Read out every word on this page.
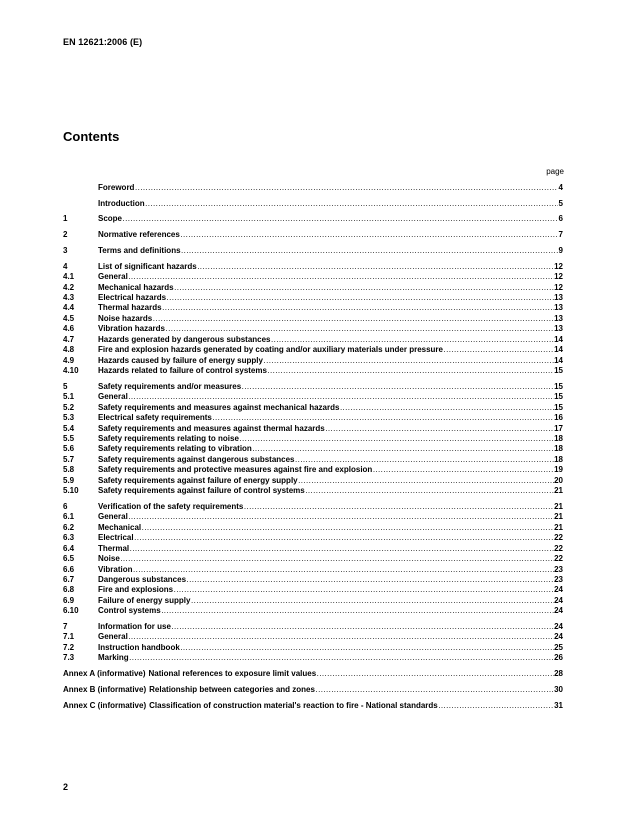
EN 12621:2006 (E)
Contents
page
Foreword .....	4
Introduction .....	5
1	Scope .....	6
2	Normative references .....	7
3	Terms and definitions .....	9
4	List of significant hazards .....	12
4.1	General .....	12
4.2	Mechanical hazards .....	12
4.3	Electrical hazards .....	13
4.4	Thermal hazards .....	13
4.5	Noise hazards .....	13
4.6	Vibration hazards .....	13
4.7	Hazards generated by dangerous substances .....	14
4.8	Fire and explosion hazards generated by coating and/or auxiliary materials under pressure .....	14
4.9	Hazards caused by failure of energy supply .....	14
4.10	Hazards related to failure of control systems .....	15
5	Safety requirements and/or measures .....	15
5.1	General .....	15
5.2	Safety requirements and measures against mechanical hazards .....	15
5.3	Electrical safety requirements .....	16
5.4	Safety requirements and measures against thermal hazards .....	17
5.5	Safety requirements relating to noise .....	18
5.6	Safety requirements relating to vibration .....	18
5.7	Safety requirements against dangerous substances .....	18
5.8	Safety requirements and protective measures against fire and explosion .....	19
5.9	Safety requirements against failure of energy supply .....	20
5.10	Safety requirements against failure of control systems .....	21
6	Verification of the safety requirements .....	21
6.1	General .....	21
6.2	Mechanical .....	21
6.3	Electrical .....	22
6.4	Thermal .....	22
6.5	Noise .....	22
6.6	Vibration .....	23
6.7	Dangerous substances .....	23
6.8	Fire and explosions .....	24
6.9	Failure of energy supply .....	24
6.10	Control systems .....	24
7	Information for use .....	24
7.1	General .....	24
7.2	Instruction handbook .....	25
7.3	Marking .....	26
Annex A (informative) National references to exposure limit values .....	28
Annex B (informative) Relationship between categories and zones .....	30
Annex C (informative) Classification of construction material's reaction to fire - National standards .....	31
2
